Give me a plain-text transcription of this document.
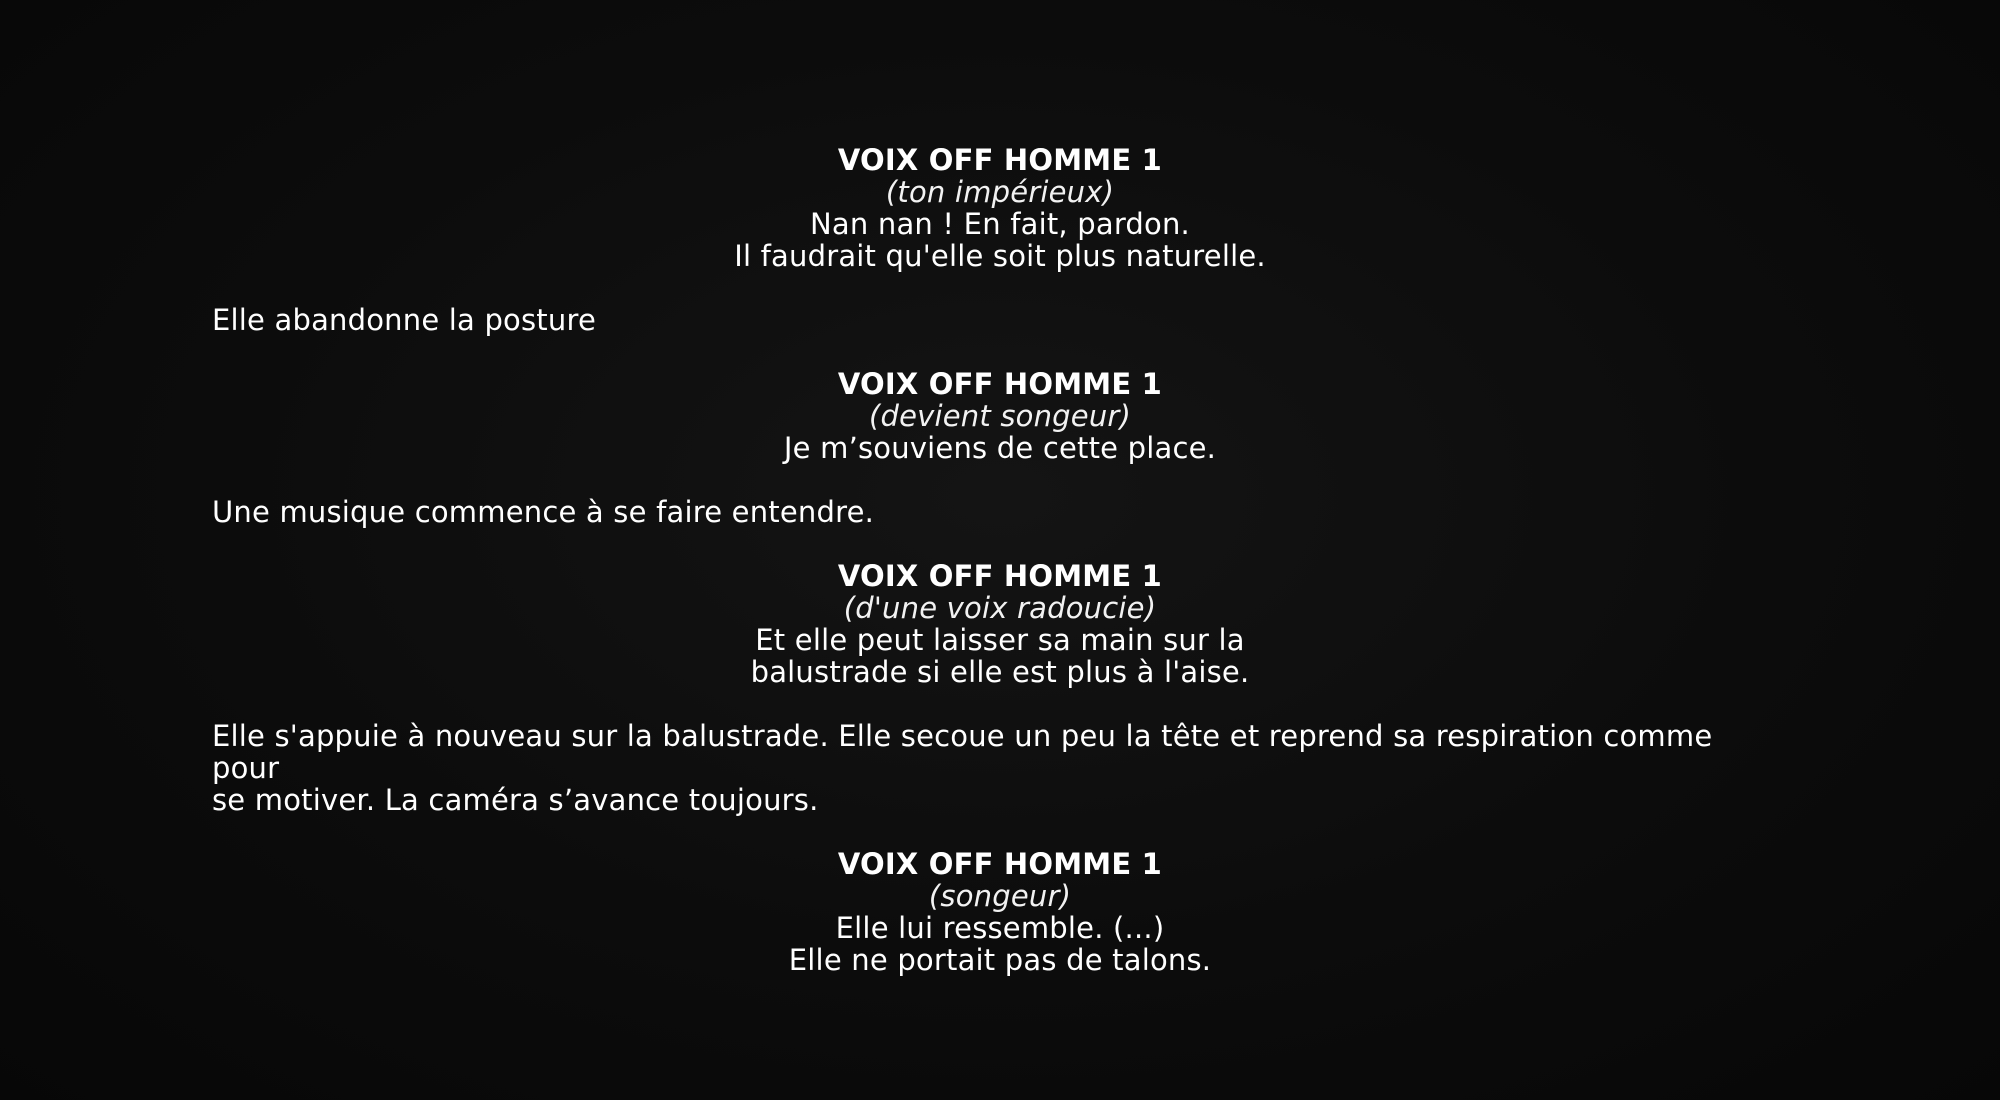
VOIX OFF HOMME 1
(ton impérieux)
Nan nan ! En fait, pardon.
Il faudrait qu'elle soit plus naturelle.
Elle abandonne la posture
VOIX OFF HOMME 1
(devient songeur)
Je m’souviens de cette place.
Une musique commence à se faire entendre.
VOIX OFF HOMME 1
(d'une voix radoucie)
Et elle peut laisser sa main sur la
balustrade si elle est plus à l'aise.
Elle s'appuie à nouveau sur la balustrade. Elle secoue un peu la tête et reprend sa respiration comme pour
se motiver. La caméra s’avance toujours.
VOIX OFF HOMME 1
(songeur)
Elle lui ressemble. (...)
Elle ne portait pas de talons.
